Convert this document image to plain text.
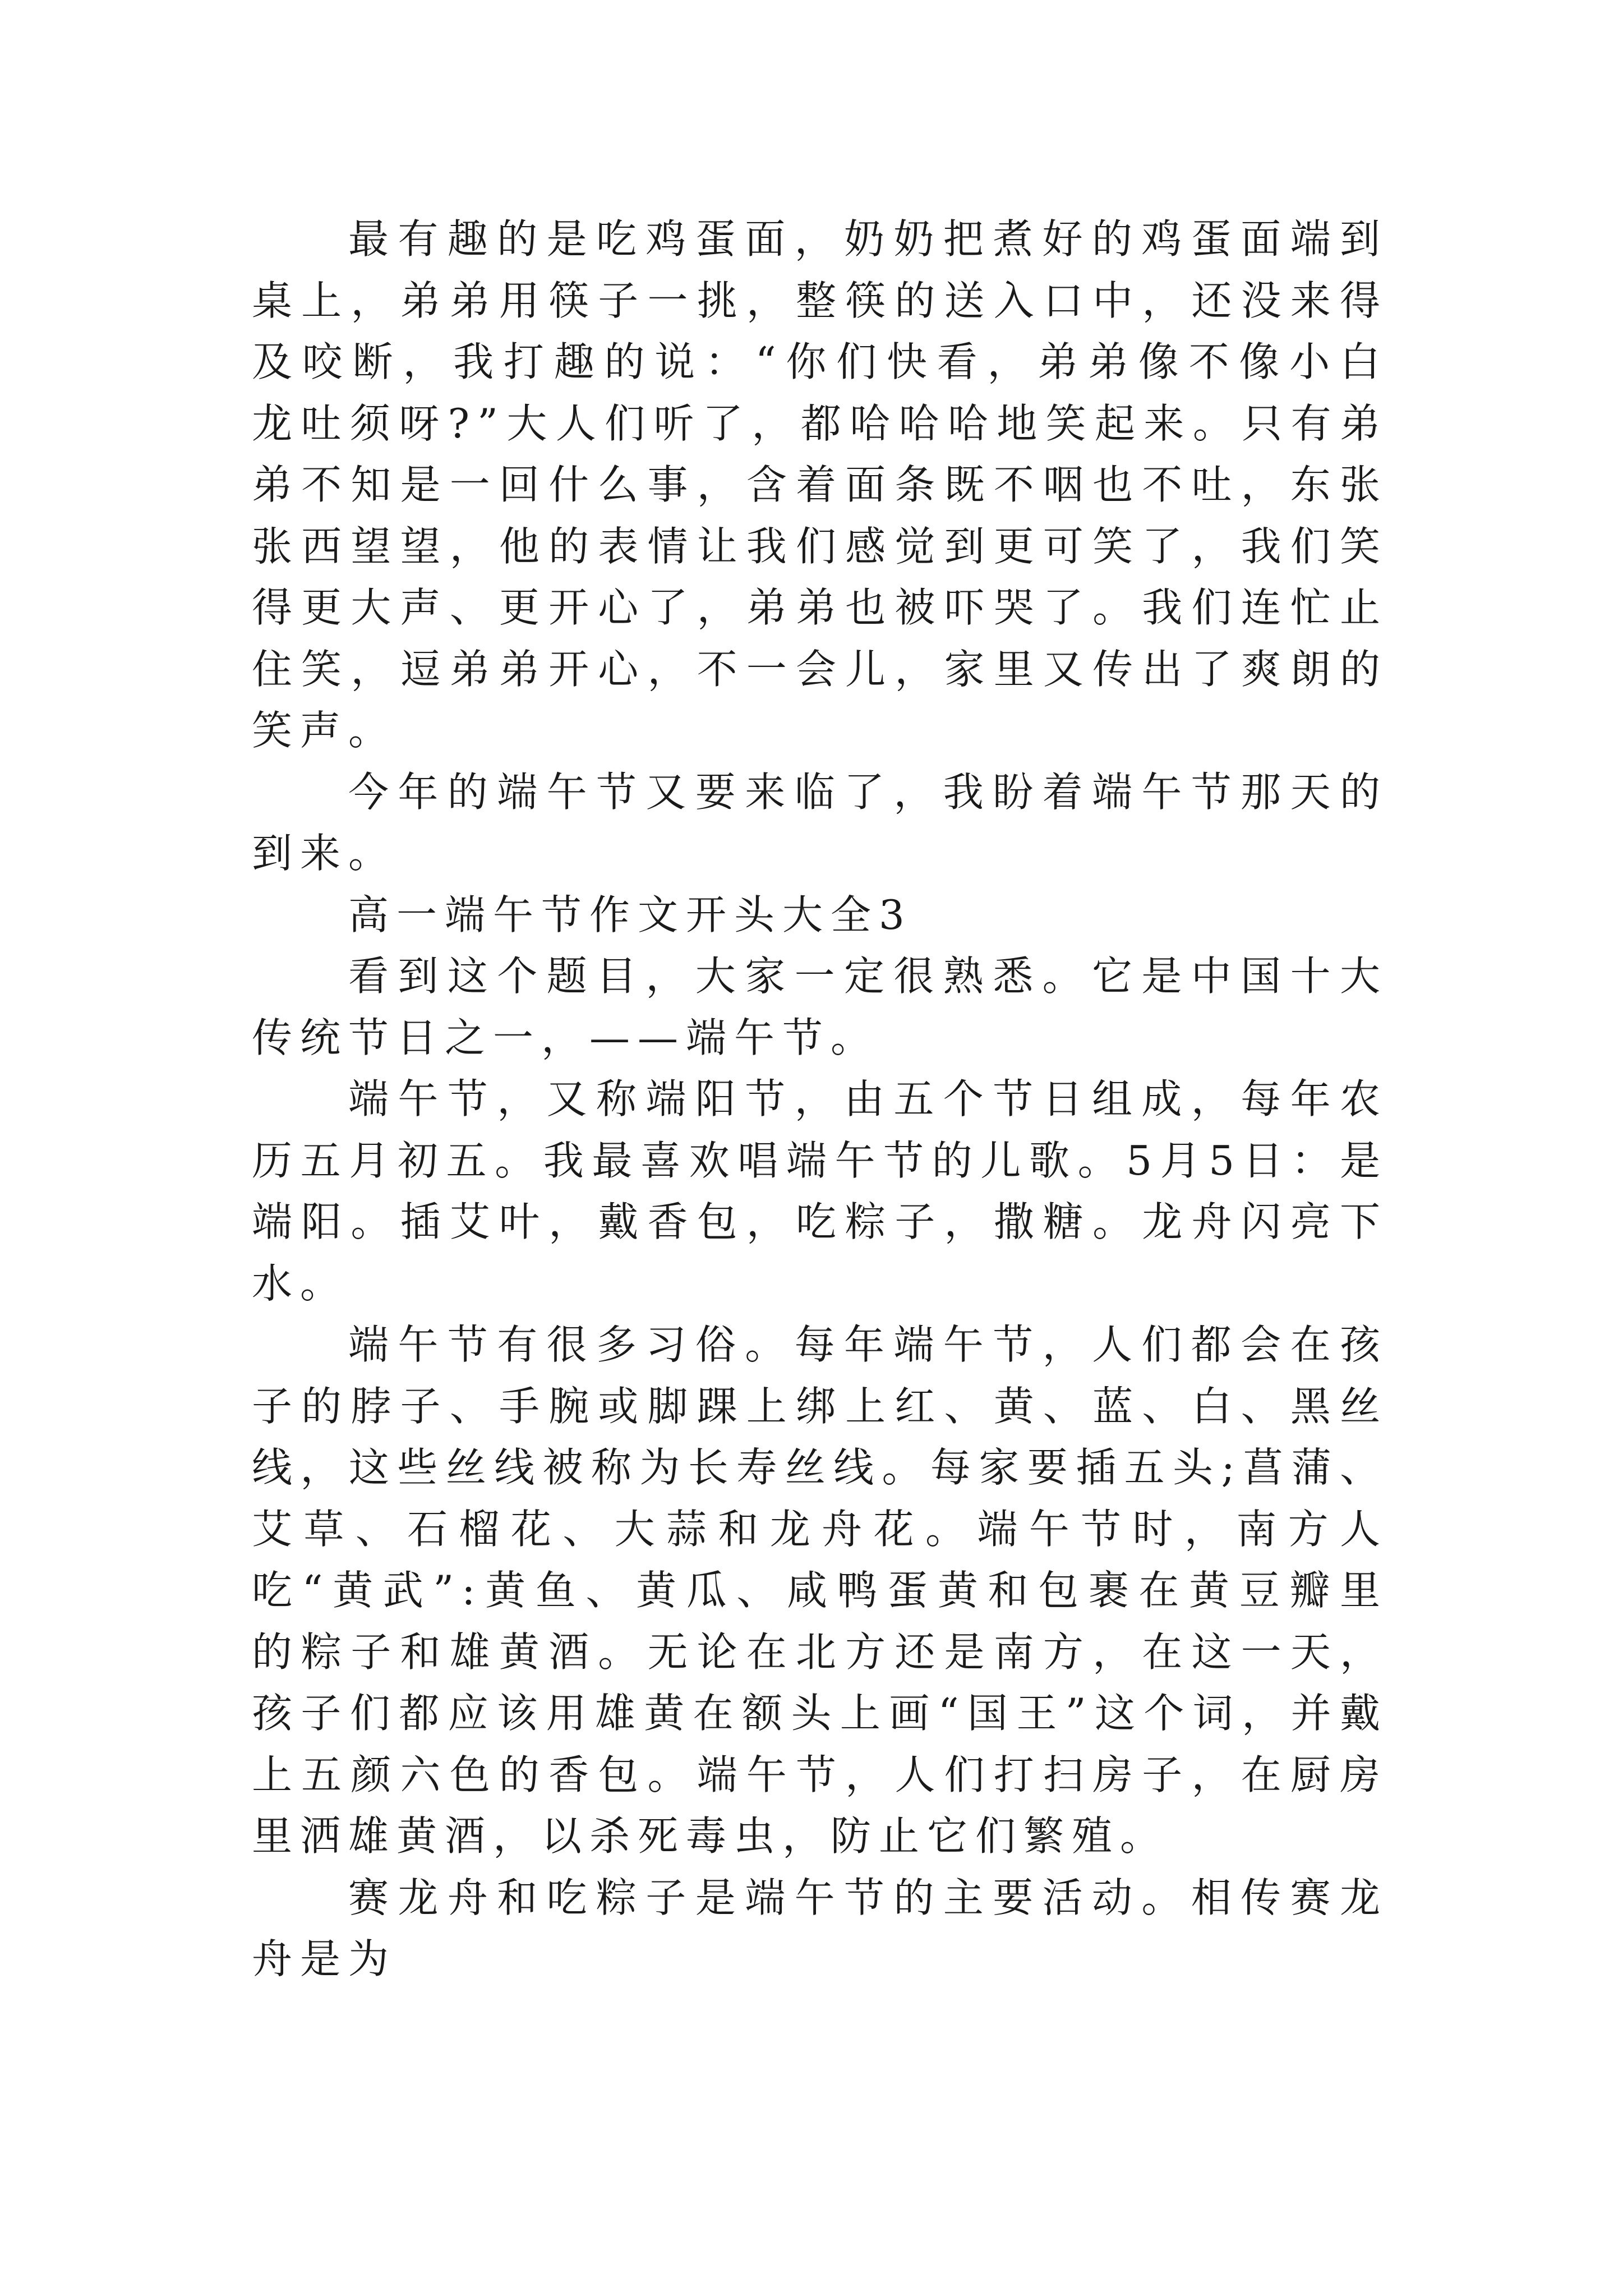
最有趣的是吃鸡蛋面，奶奶把煮好的鸡蛋面端到桌上，弟弟用筷子一挑，整筷的送入口中，还没来得及咬断，我打趣的说：“你们快看，弟弟像不像小白龙吐须呀?”大人们听了，都哈哈哈地笑起来。只有弟弟不知是一回什么事，含着面条既不咽也不吐，东张张西望望，他的表情让我们感觉到更可笑了，我们笑得更大声、更开心了，弟弟也被吓哭了。我们连忙止住笑，逗弟弟开心，不一会儿，家里又传出了爽朗的笑声。

今年的端午节又要来临了，我盼着端午节那天的到来。

高一端午节作文开头大全3

看到这个题目，大家一定很熟悉。它是中国十大传统节日之一，——端午节。

端午节，又称端阳节，由五个节日组成，每年农历五月初五。我最喜欢唱端午节的儿歌。5月5日：是端阳。插艾叶，戴香包，吃粽子，撒糖。龙舟闪亮下水。

端午节有很多习俗。每年端午节，人们都会在孩子的脖子、手腕或脚踝上绑上红、黄、蓝、白、黑丝线，这些丝线被称为长寿丝线。每家要插五头;菖蒲、艾草、石榴花、大蒜和龙舟花。端午节时，南方人吃“黄武”:黄鱼、黄瓜、咸鸭蛋黄和包裹在黄豆瓣里的粽子和雄黄酒。无论在北方还是南方，在这一天，孩子们都应该用雄黄在额头上画“国王”这个词，并戴上五颜六色的香包。端午节，人们打扫房子，在厨房里洒雄黄酒，以杀死毒虫，防止它们繁殖。

赛龙舟和吃粽子是端午节的主要活动。相传赛龙舟是为
